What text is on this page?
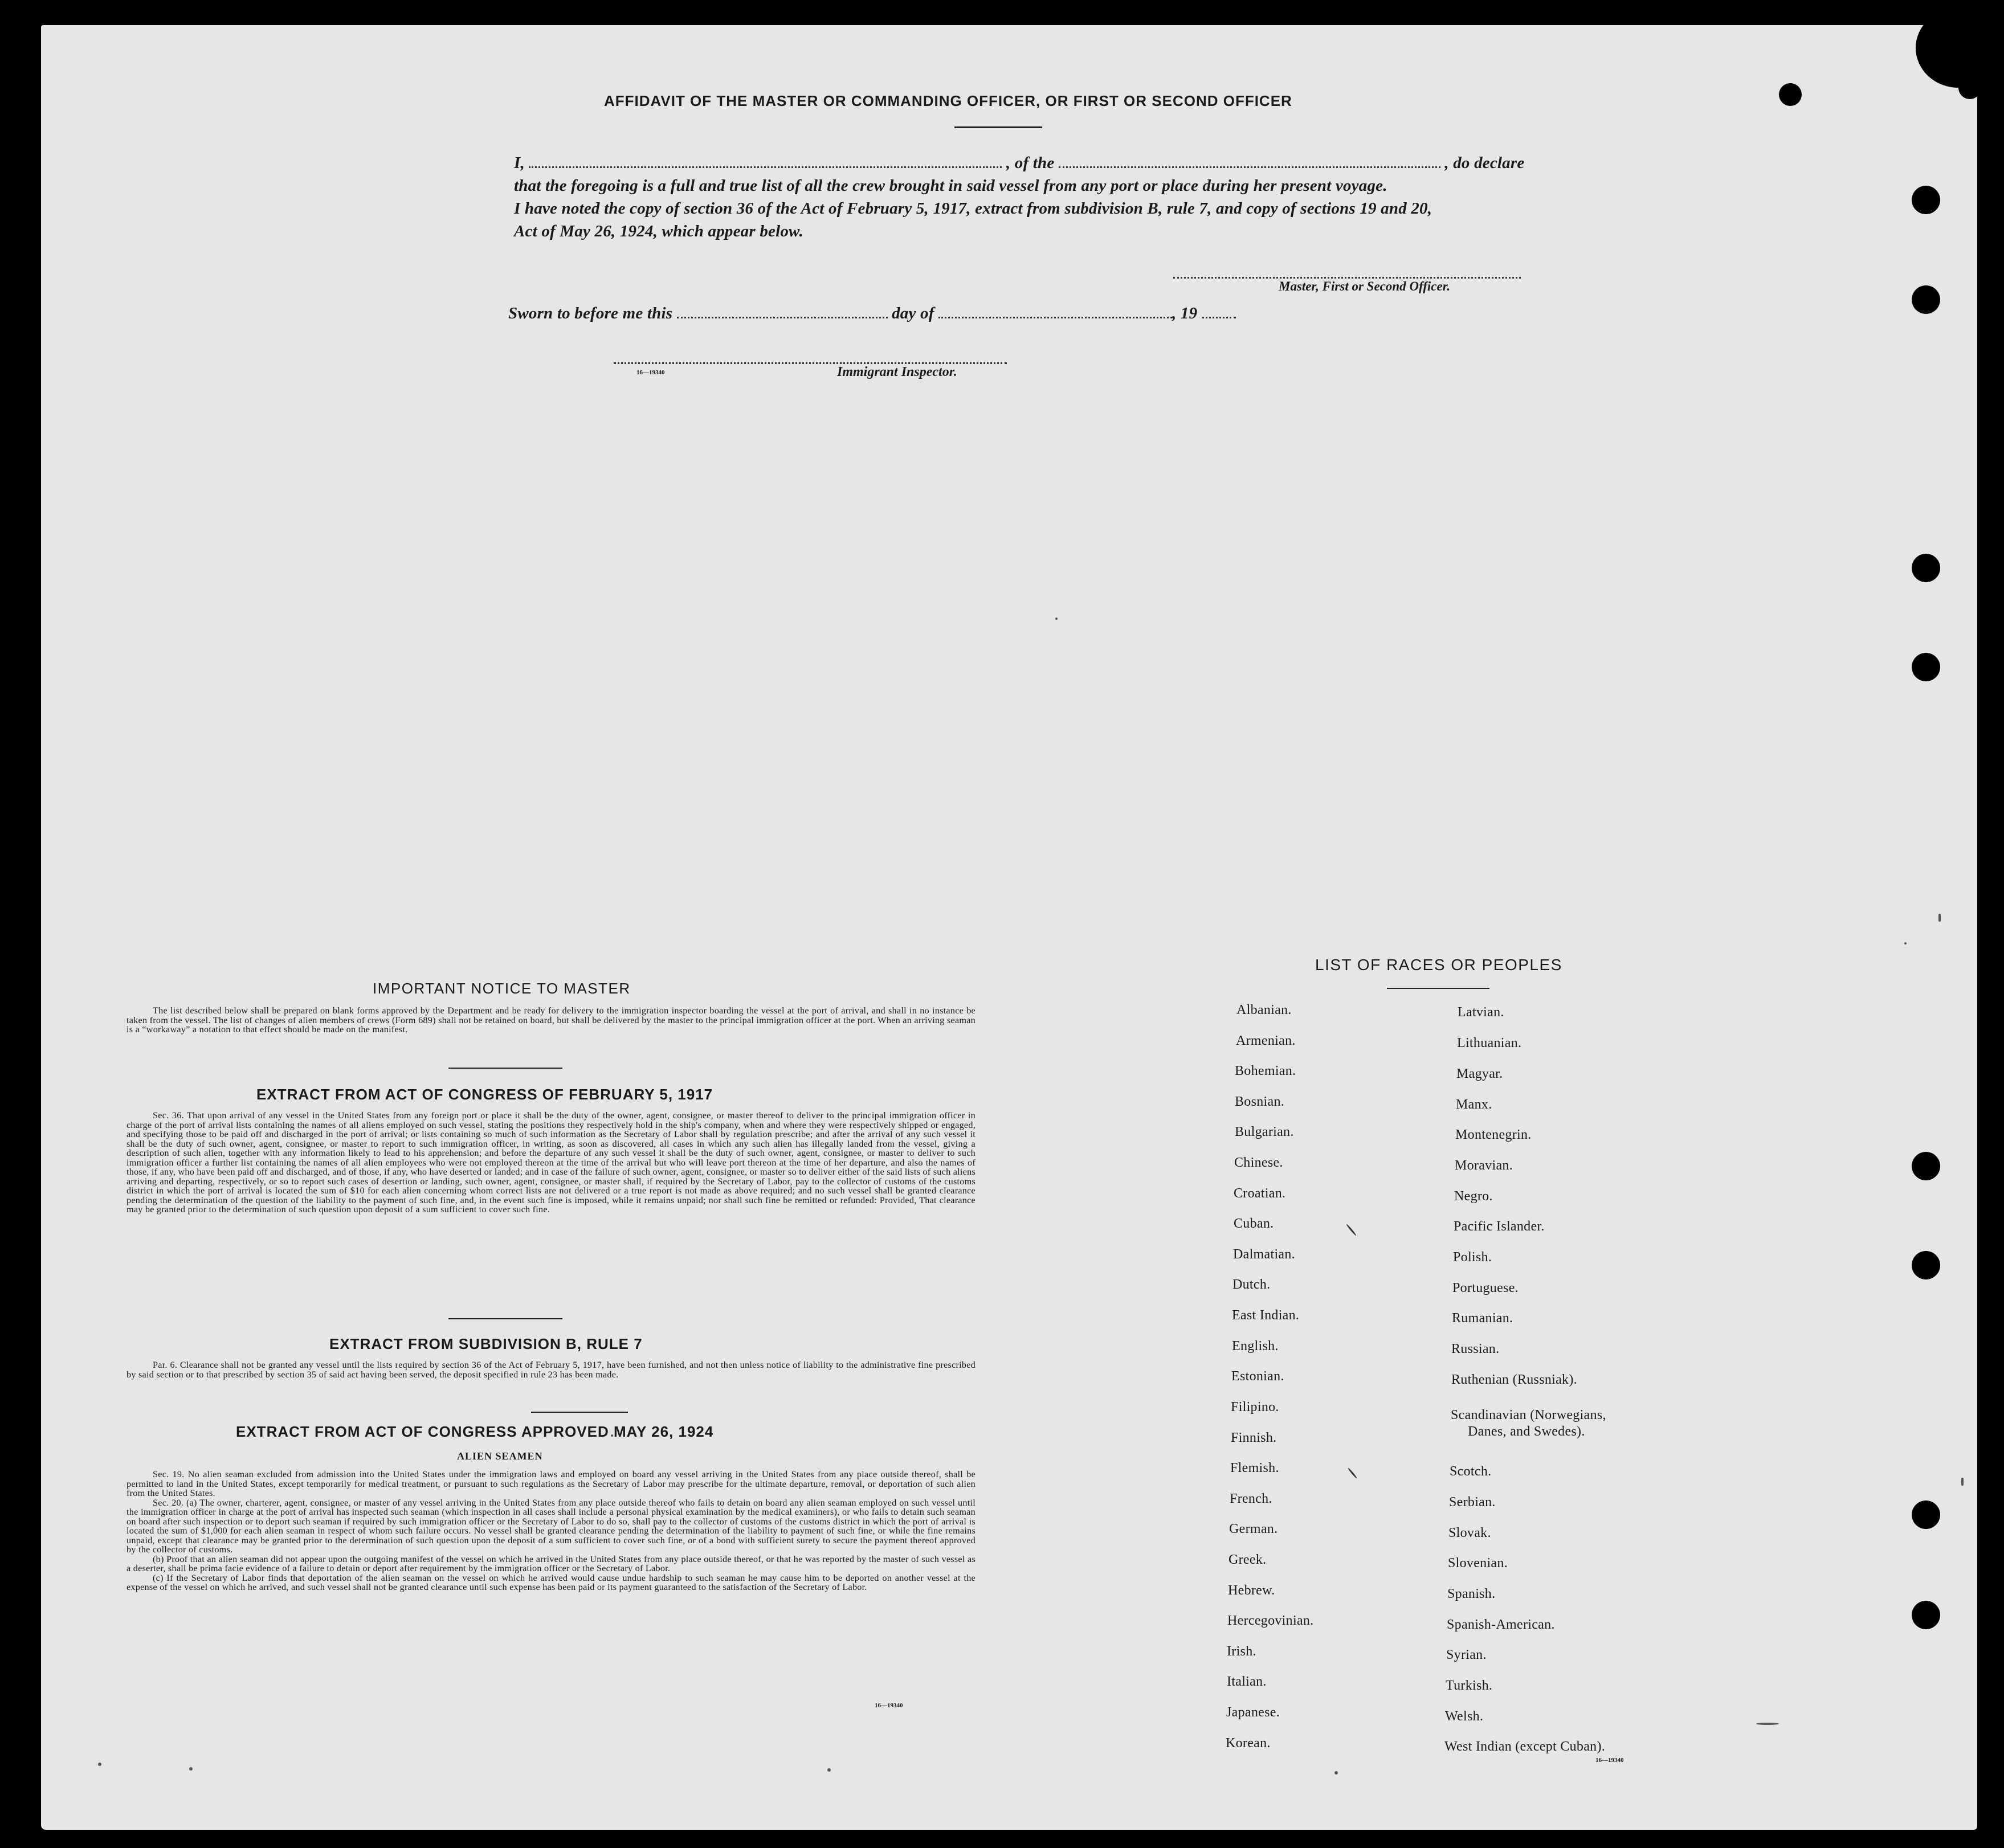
AFFIDAVIT OF THE MASTER OR COMMANDING OFFICER, OR FIRST OR SECOND OFFICER
I,	, of the	, do declare
that the foregoing is a full and true list of all the crew brought in said vessel from any port or place during her present voyage.
I have noted the copy of section 36 of the Act of February 5, 1917, extract from subdivision B, rule 7, and copy of sections 19 and 20,
Act of May 26, 1924, which appear below.
Master, First or Second Officer.
Sworn to before me this	day of	, 19
16—19340	Immigrant Inspector.
IMPORTANT NOTICE TO MASTER

The list described below shall be prepared on blank forms approved by the Department and be ready for delivery to the immigration inspector boarding the vessel at the port of arrival, and shall in no instance be taken from the vessel. The list of changes of alien members of crews (Form 689) shall not be retained on board, but shall be delivered by the master to the principal immigration officer at the port. When an arriving seaman is a “workaway” a notation to that effect should be made on the manifest.

EXTRACT FROM ACT OF CONGRESS OF FEBRUARY 5, 1917

Sec. 36. That upon arrival of any vessel in the United States from any foreign port or place it shall be the duty of the owner, agent, consignee, or master thereof to deliver to the principal immigration officer in charge of the port of arrival lists containing the names of all aliens employed on such vessel, stating the positions they respectively hold in the ship's company, when and where they were respectively shipped or engaged, and specifying those to be paid off and discharged in the port of arrival; or lists containing so much of such information as the Secretary of Labor shall by regulation prescribe; and after the arrival of any such vessel it shall be the duty of such owner, agent, consignee, or master to report to such immigration officer, in writing, as soon as discovered, all cases in which any such alien has illegally landed from the vessel, giving a description of such alien, together with any information likely to lead to his apprehension; and before the departure of any such vessel it shall be the duty of such owner, agent, consignee, or master to deliver to such immigration officer a further list containing the names of all alien employees who were not employed thereon at the time of the arrival but who will leave port thereon at the time of her departure, and also the names of those, if any, who have been paid off and discharged, and of those, if any, who have deserted or landed; and in case of the failure of such owner, agent, consignee, or master so to deliver either of the said lists of such aliens arriving and departing, respectively, or so to report such cases of desertion or landing, such owner, agent, consignee, or master shall, if required by the Secretary of Labor, pay to the collector of customs of the customs district in which the port of arrival is located the sum of $10 for each alien concerning whom correct lists are not delivered or a true report is not made as above required; and no such vessel shall be granted clearance pending the determination of the question of the liability to the payment of such fine, and, in the event such fine is imposed, while it remains unpaid; nor shall such fine be remitted or refunded: Provided, That clearance may be granted prior to the determination of such question upon deposit of a sum sufficient to cover such fine.

EXTRACT FROM SUBDIVISION B, RULE 7

Par. 6. Clearance shall not be granted any vessel until the lists required by section 36 of the Act of February 5, 1917, have been furnished, and not then unless notice of liability to the administrative fine prescribed by said section or to that prescribed by section 35 of said act having been served, the deposit specified in rule 23 has been made.

EXTRACT FROM ACT OF CONGRESS APPROVED MAY 26, 1924
ALIEN SEAMEN

Sec. 19. No alien seaman excluded from admission into the United States under the immigration laws and employed on board any vessel arriving in the United States from any place outside thereof, shall be permitted to land in the United States, except temporarily for medical treatment, or pursuant to such regulations as the Secretary of Labor may prescribe for the ultimate departure, removal, or deportation of such alien from the United States.

Sec. 20. (a) The owner, charterer, agent, consignee, or master of any vessel arriving in the United States from any place outside thereof who fails to detain on board any alien seaman employed on such vessel until the immigration officer in charge at the port of arrival has inspected such seaman (which inspection in all cases shall include a personal physical examination by the medical examiners), or who fails to detain such seaman on board after such inspection or to deport such seaman if required by such immigration officer or the Secretary of Labor to do so, shall pay to the collector of customs of the customs district in which the port of arrival is located the sum of $1,000 for each alien seaman in respect of whom such failure occurs. No vessel shall be granted clearance pending the determination of the liability to payment of such fine, or while the fine remains unpaid, except that clearance may be granted prior to the determination of such question upon the deposit of a sum sufficient to cover such fine, or of a bond with sufficient surety to secure the payment thereof approved by the collector of customs.

(b) Proof that an alien seaman did not appear upon the outgoing manifest of the vessel on which he arrived in the United States from any place outside thereof, or that he was reported by the master of such vessel as a deserter, shall be prima facie evidence of a failure to detain or deport after requirement by the immigration officer or the Secretary of Labor.

(c) If the Secretary of Labor finds that deportation of the alien seaman on the vessel on which he arrived would cause undue hardship to such seaman he may cause him to be deported on another vessel at the expense of the vessel on which he arrived, and such vessel shall not be granted clearance until such expense has been paid or its payment guaranteed to the satisfaction of the Secretary of Labor.

16—19340
LIST OF RACES OR PEOPLES
Albanian.
Armenian.
Bohemian.
Bosnian.
Bulgarian.
Chinese.
Croatian.
Cuban.
Dalmatian.
Dutch.
East Indian.
English.
Estonian.
Filipino.
Finnish.
Flemish.
French.
German.
Greek.
Hebrew.
Hercegovinian.
Irish.
Italian.
Japanese.
Korean.
Latvian.
Lithuanian.
Magyar.
Manx.
Montenegrin.
Moravian.
Negro.
Pacific Islander.
Polish.
Portuguese.
Rumanian.
Russian.
Ruthenian (Russniak).
Scandinavian (Norwegians,
Danes, and Swedes).
Scotch.
Serbian.
Slovak.
Slovenian.
Spanish.
Spanish-American.
Syrian.
Turkish.
Welsh.
West Indian (except Cuban).
16—19340
